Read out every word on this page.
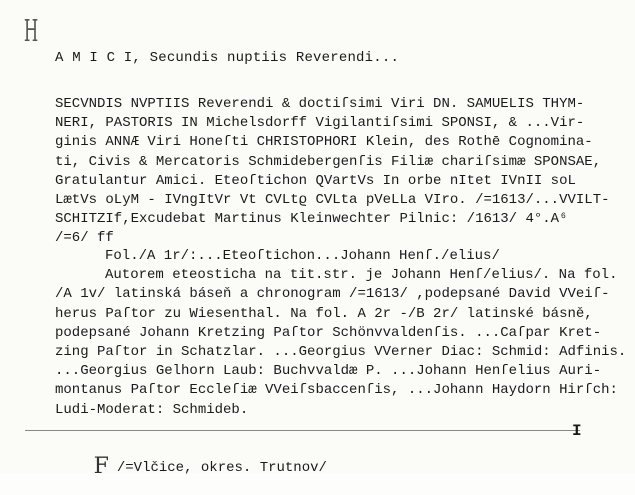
H
A M I C I, Secundis nuptiis Reverendi...
SECVNDIS NVPTIIS Reverendi & doctiſsimi Viri DN. SAMUELIS THYM-
NERI, PASTORIS IN Michelsdorff Vigilantiſsimi SPONSI, & ...Vir-
ginis ANNÆ Viri Honeſti CHRISTOPHORI Klein, des Rothē Cognomina-
ti, Civis & Mercatoris Schmidebergenſis Filiæ chariſsimæ SPONSAE,
Gratulantur Amici. Eteoſtichon QVartVs In orbe nItet IVnII soL
LætVs oLyM - IVngItVr Vt CVLtϱ CVLta pVeLLa VIro. /=1613/...VVILT-
SCHITZIf,Excudebat Martinus Kleinwechter Pilnic: /1613/ 4°.A⁶
/=6/ ff
Fol./A 1r/:...Eteoſtichon...Johann Henſ./elius/
Autorem eteosticha na tit.str. je Johann Henſ/elius/. Na fol.
/A 1v/ latinská báseň a chronogram /=1613/ ,podepsané David VVeiſ-
herus Paſtor zu Wiesenthal. Na fol. A 2r -/B 2r/ latinské básně,
podepsané Johann Kretzing Paſtor Schönvvaldenſis. ...Caſpar Kret-
zing Paſtor in Schatzlar. ...Georgius VVerner Diac: Schmid: Adfinis.
...Georgius Gelhorn Laub: Buchvvaldæ P. ...Johann Henſelius Auri-
montanus Paſtor Eccleſiæ VVeiſsbaccenſis, ...Johann Haydorn Hirſch:
Ludi-Moderat: Schmideb.
I

F /=Vlčice, okres. Trutnov/
